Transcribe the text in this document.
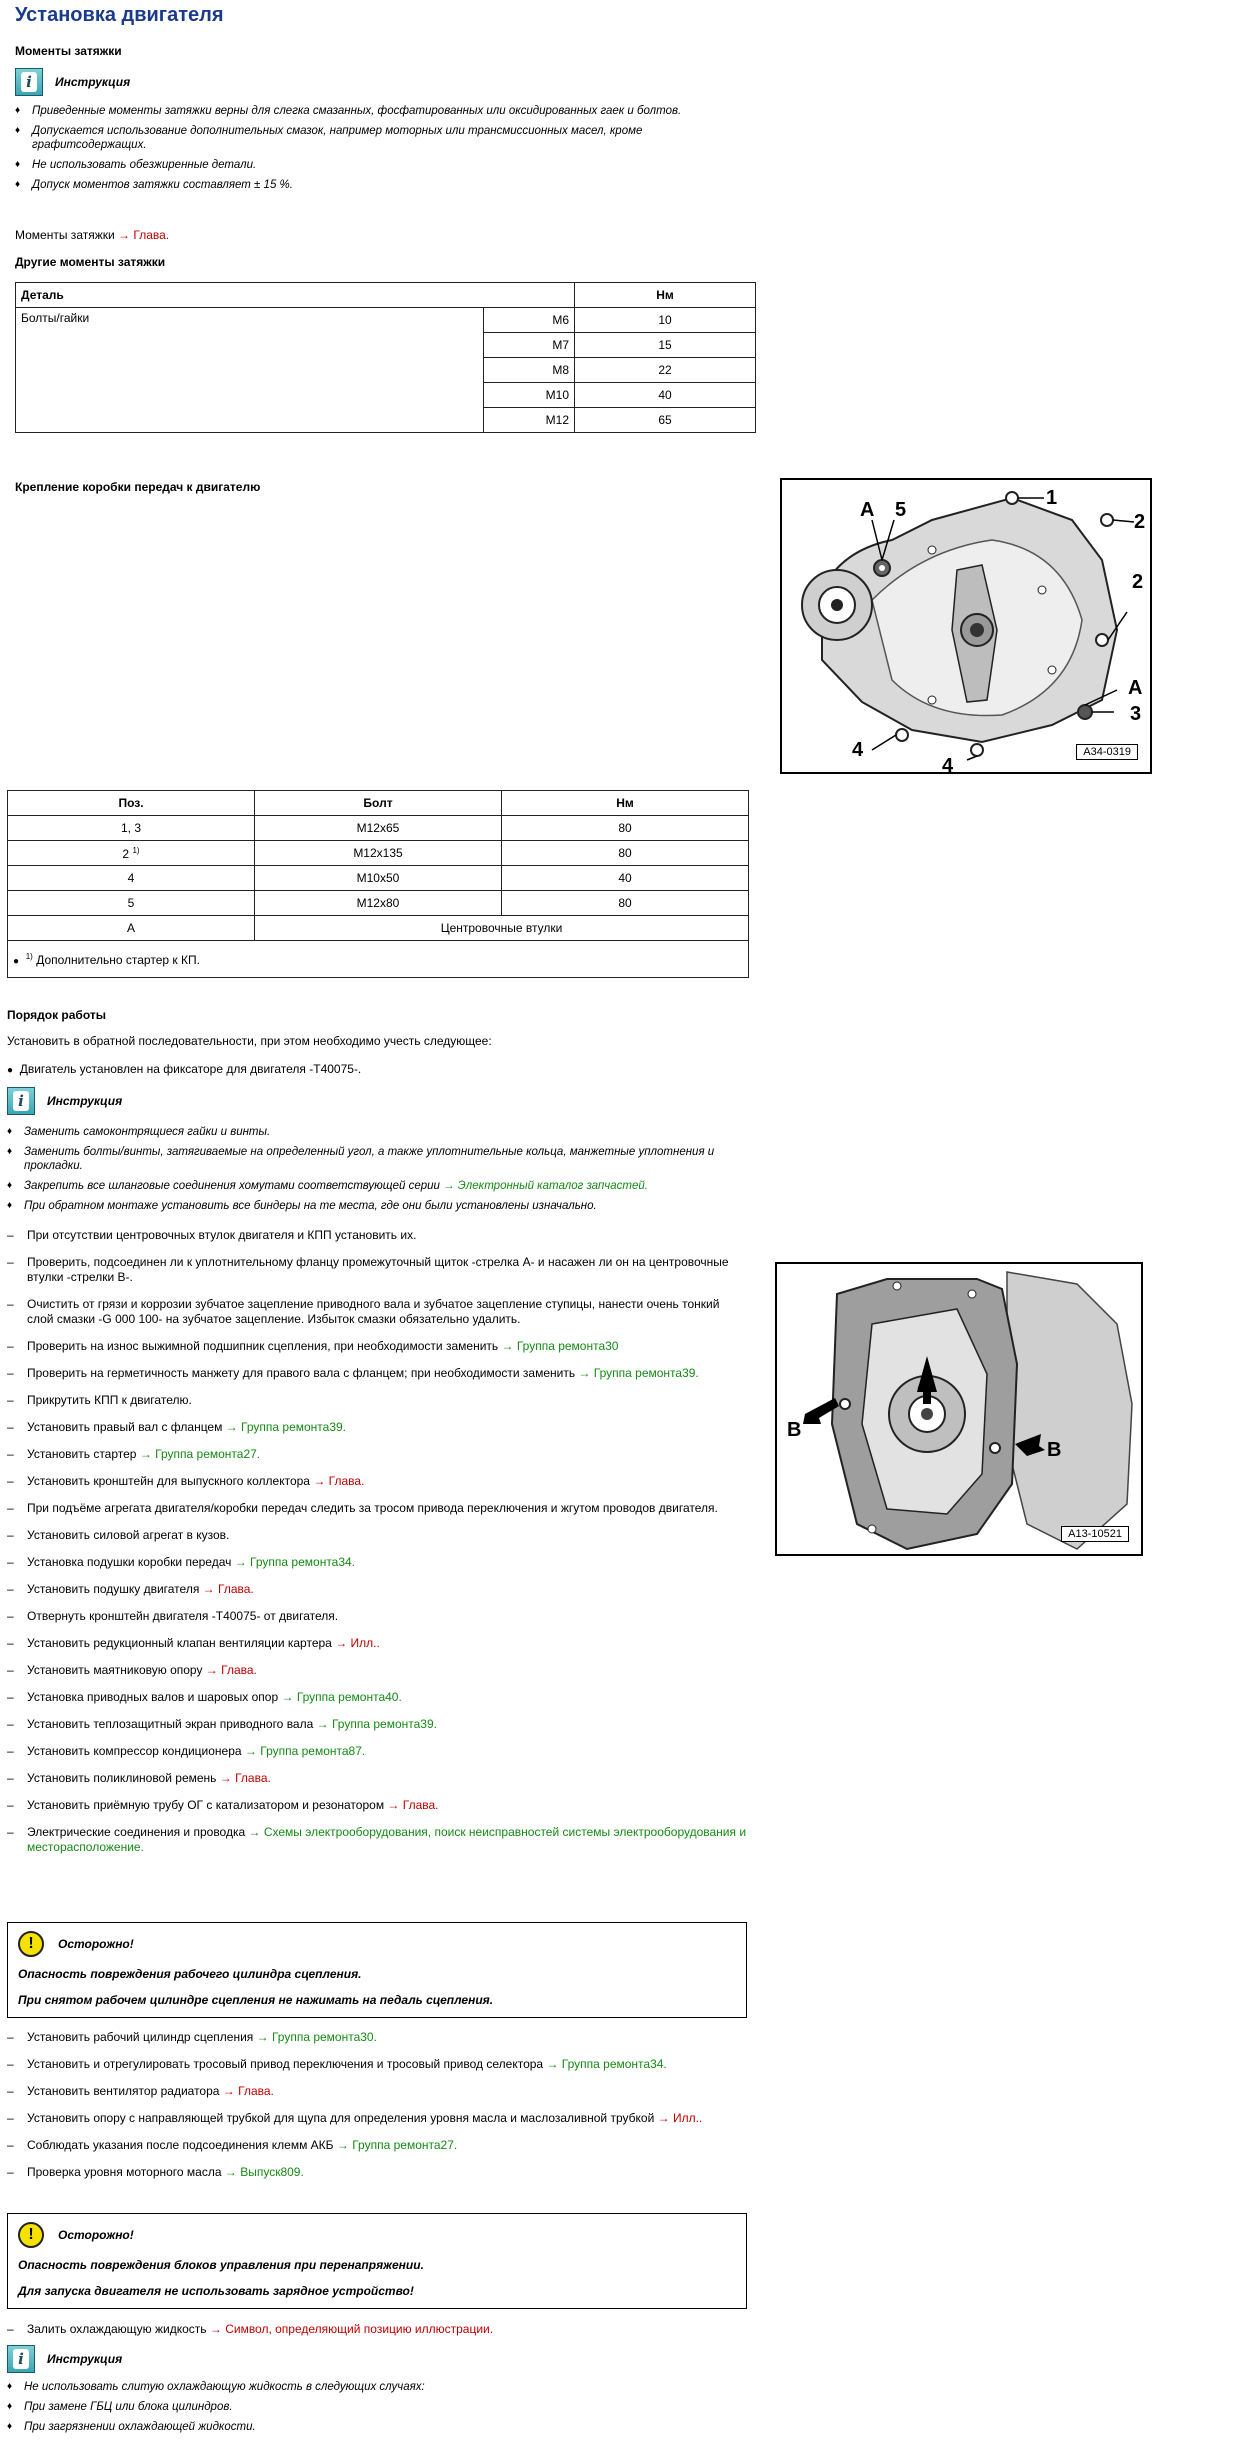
Установка двигателя
Моменты затяжки
i	Инструкция
♦ Приведенные моменты затяжки верны для слегка смазанных, фосфатированных или оксидированных гаек и болтов.
♦ Допускается использование дополнительных смазок, например моторных или трансмиссионных масел, кроме графитсодержащих.
♦ Не использовать обезжиренные детали.
♦ Допуск моментов затяжки составляет ± 15 %.
Моменты затяжки → Глава.
Другие моменты затяжки
Деталь		Нм
Болты/гайки	M6	10
	M7	15
	M8	22
	M10	40
	M12	65
Крепление коробки передач к двигателю	1
2
2
3
4
4
5
A
A
A34-0319
Поз.	Болт	Нм
1, 3	M12x65	80
2 $^{1)}$	M12x135	80
4	M10x50	40
5	M12x80	80
A	Центровочные втулки	
● $^{1)}$ Дополнительно стартер к КП.		
Порядок работы
Установить в обратной последовательности, при этом необходимо учесть следующее:
● Двигатель установлен на фиксаторе для двигателя -T40075-.
i	Инструкция
♦ Заменить самоконтрящиеся гайки и винты.
♦ Заменить болты/винты, затягиваемые на определенный угол, а также уплотнительные кольца, манжетные уплотнения и прокладки.
♦ Закрепить все шланговые соединения хомутами соответствующей серии → Электронный каталог запчастей.
♦ При обратном монтаже установить все биндеры на те места, где они были установлены изначально.
A
B
B
A13-10521
– При отсутствии центровочных втулок двигателя и КПП установить их.
– Проверить, подсоединен ли к уплотнительному фланцу промежуточный щиток -стрелка A- и насажен ли он на центровочные втулки -стрелки B-.
– Очистить от грязи и коррозии зубчатое зацепление приводного вала и зубчатое зацепление ступицы, нанести очень тонкий слой смазки -G 000 100- на зубчатое зацепление. Избыток смазки обязательно удалить.
– Проверить на износ выжимной подшипник сцепления, при необходимости заменить → Группа ремонта30
– Проверить на герметичность манжету для правого вала с фланцем; при необходимости заменить → Группа ремонта39.
– Прикрутить КПП к двигателю.
– Установить правый вал с фланцем → Группа ремонта39.
– Установить стартер → Группа ремонта27.
– Установить кронштейн для выпускного коллектора → Глава.
– При подъёме агрегата двигателя/коробки передач следить за тросом привода переключения и жгутом проводов двигателя.
– Установить силовой агрегат в кузов.
– Установка подушки коробки передач → Группа ремонта34.
– Установить подушку двигателя → Глава.
– Отвернуть кронштейн двигателя -T40075- от двигателя.
– Установить редукционный клапан вентиляции картера → Илл..
– Установить маятниковую опору → Глава.
– Установка приводных валов и шаровых опор → Группа ремонта40.
– Установить теплозащитный экран приводного вала → Группа ремонта39.
– Установить компрессор кондиционера → Группа ремонта87.
– Установить поликлиновой ремень → Глава.
– Установить приёмную трубу ОГ с катализатором и резонатором → Глава.
– Электрические соединения и проводка → Схемы электрооборудования, поиск неисправностей системы электрооборудования и месторасположение.
!	Осторожно!

Опасность повреждения рабочего цилиндра сцепления.

При снятом рабочем цилиндре сцепления не нажимать на педаль сцепления.

– Установить рабочий цилиндр сцепления → Группа ремонта30.
– Установить и отрегулировать тросовый привод переключения и тросовый привод селектора → Группа ремонта34.
– Установить вентилятор радиатора → Глава.
– Установить опору с направляющей трубкой для щупа для определения уровня масла и маслозаливной трубкой → Илл..
– Соблюдать указания после подсоединения клемм АКБ → Группа ремонта27.
– Проверка уровня моторного масла → Выпуск809.
!	Осторожно!

Опасность повреждения блоков управления при перенапряжении.

Для запуска двигателя не использовать зарядное устройство!

– Залить охлаждающую жидкость → Символ, определяющий позицию иллюстрации.
i	Инструкция
♦ Не использовать слитую охлаждающую жидкость в следующих случаях:
♦ При замене ГБЦ или блока цилиндров.
♦ При загрязнении охлаждающей жидкости.
